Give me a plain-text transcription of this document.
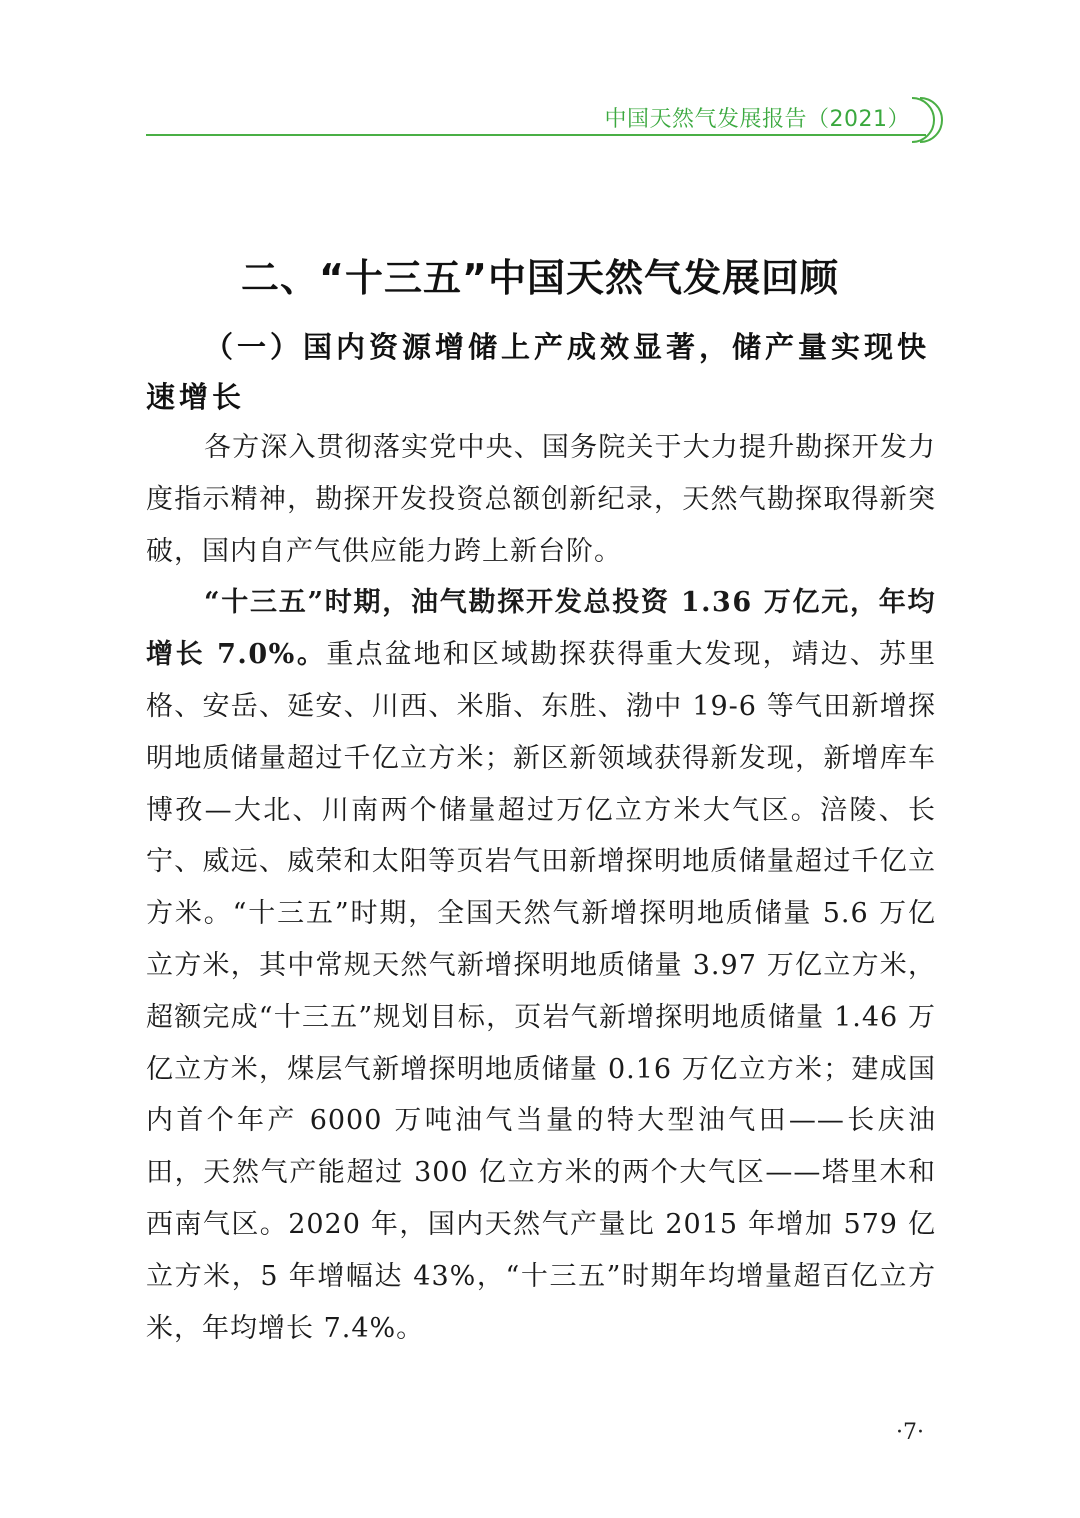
中国天然气发展报告（2021）
二、“十三五”中国天然气发展回顾
（一）国内资源增储上产成效显著，储产量实现快速增长

各方深入贯彻落实党中央、国务院关于大力提升勘探开发力度指示精神，勘探开发投资总额创新纪录，天然气勘探取得新突破，国内自产气供应能力跨上新台阶。

“十三五”时期，油气勘探开发总投资 1.36 万亿元，年均增长 7.0%。重点盆地和区域勘探获得重大发现，靖边、苏里格、安岳、延安、川西、米脂、东胜、渤中 19-6 等气田新增探明地质储量超过千亿立方米；新区新领域获得新发现，新增库车博孜—大北、川南两个储量超过万亿立方米大气区。涪陵、长宁、威远、威荣和太阳等页岩气田新增探明地质储量超过千亿立方米。“十三五”时期，全国天然气新增探明地质储量 5.6 万亿立方米，其中常规天然气新增探明地质储量 3.97 万亿立方米，超额完成“十三五”规划目标，页岩气新增探明地质储量 1.46 万亿立方米，煤层气新增探明地质储量 0.16 万亿立方米；建成国内首个年产 6000 万吨油气当量的特大型油气田——长庆油田，天然气产能超过 300 亿立方米的两个大气区——塔里木和西南气区。2020 年，国内天然气产量比 2015 年增加 579 亿立方米，5 年增幅达 43%，“十三五”时期年均增量超百亿立方米，年均增长 7.4%。

·7·
